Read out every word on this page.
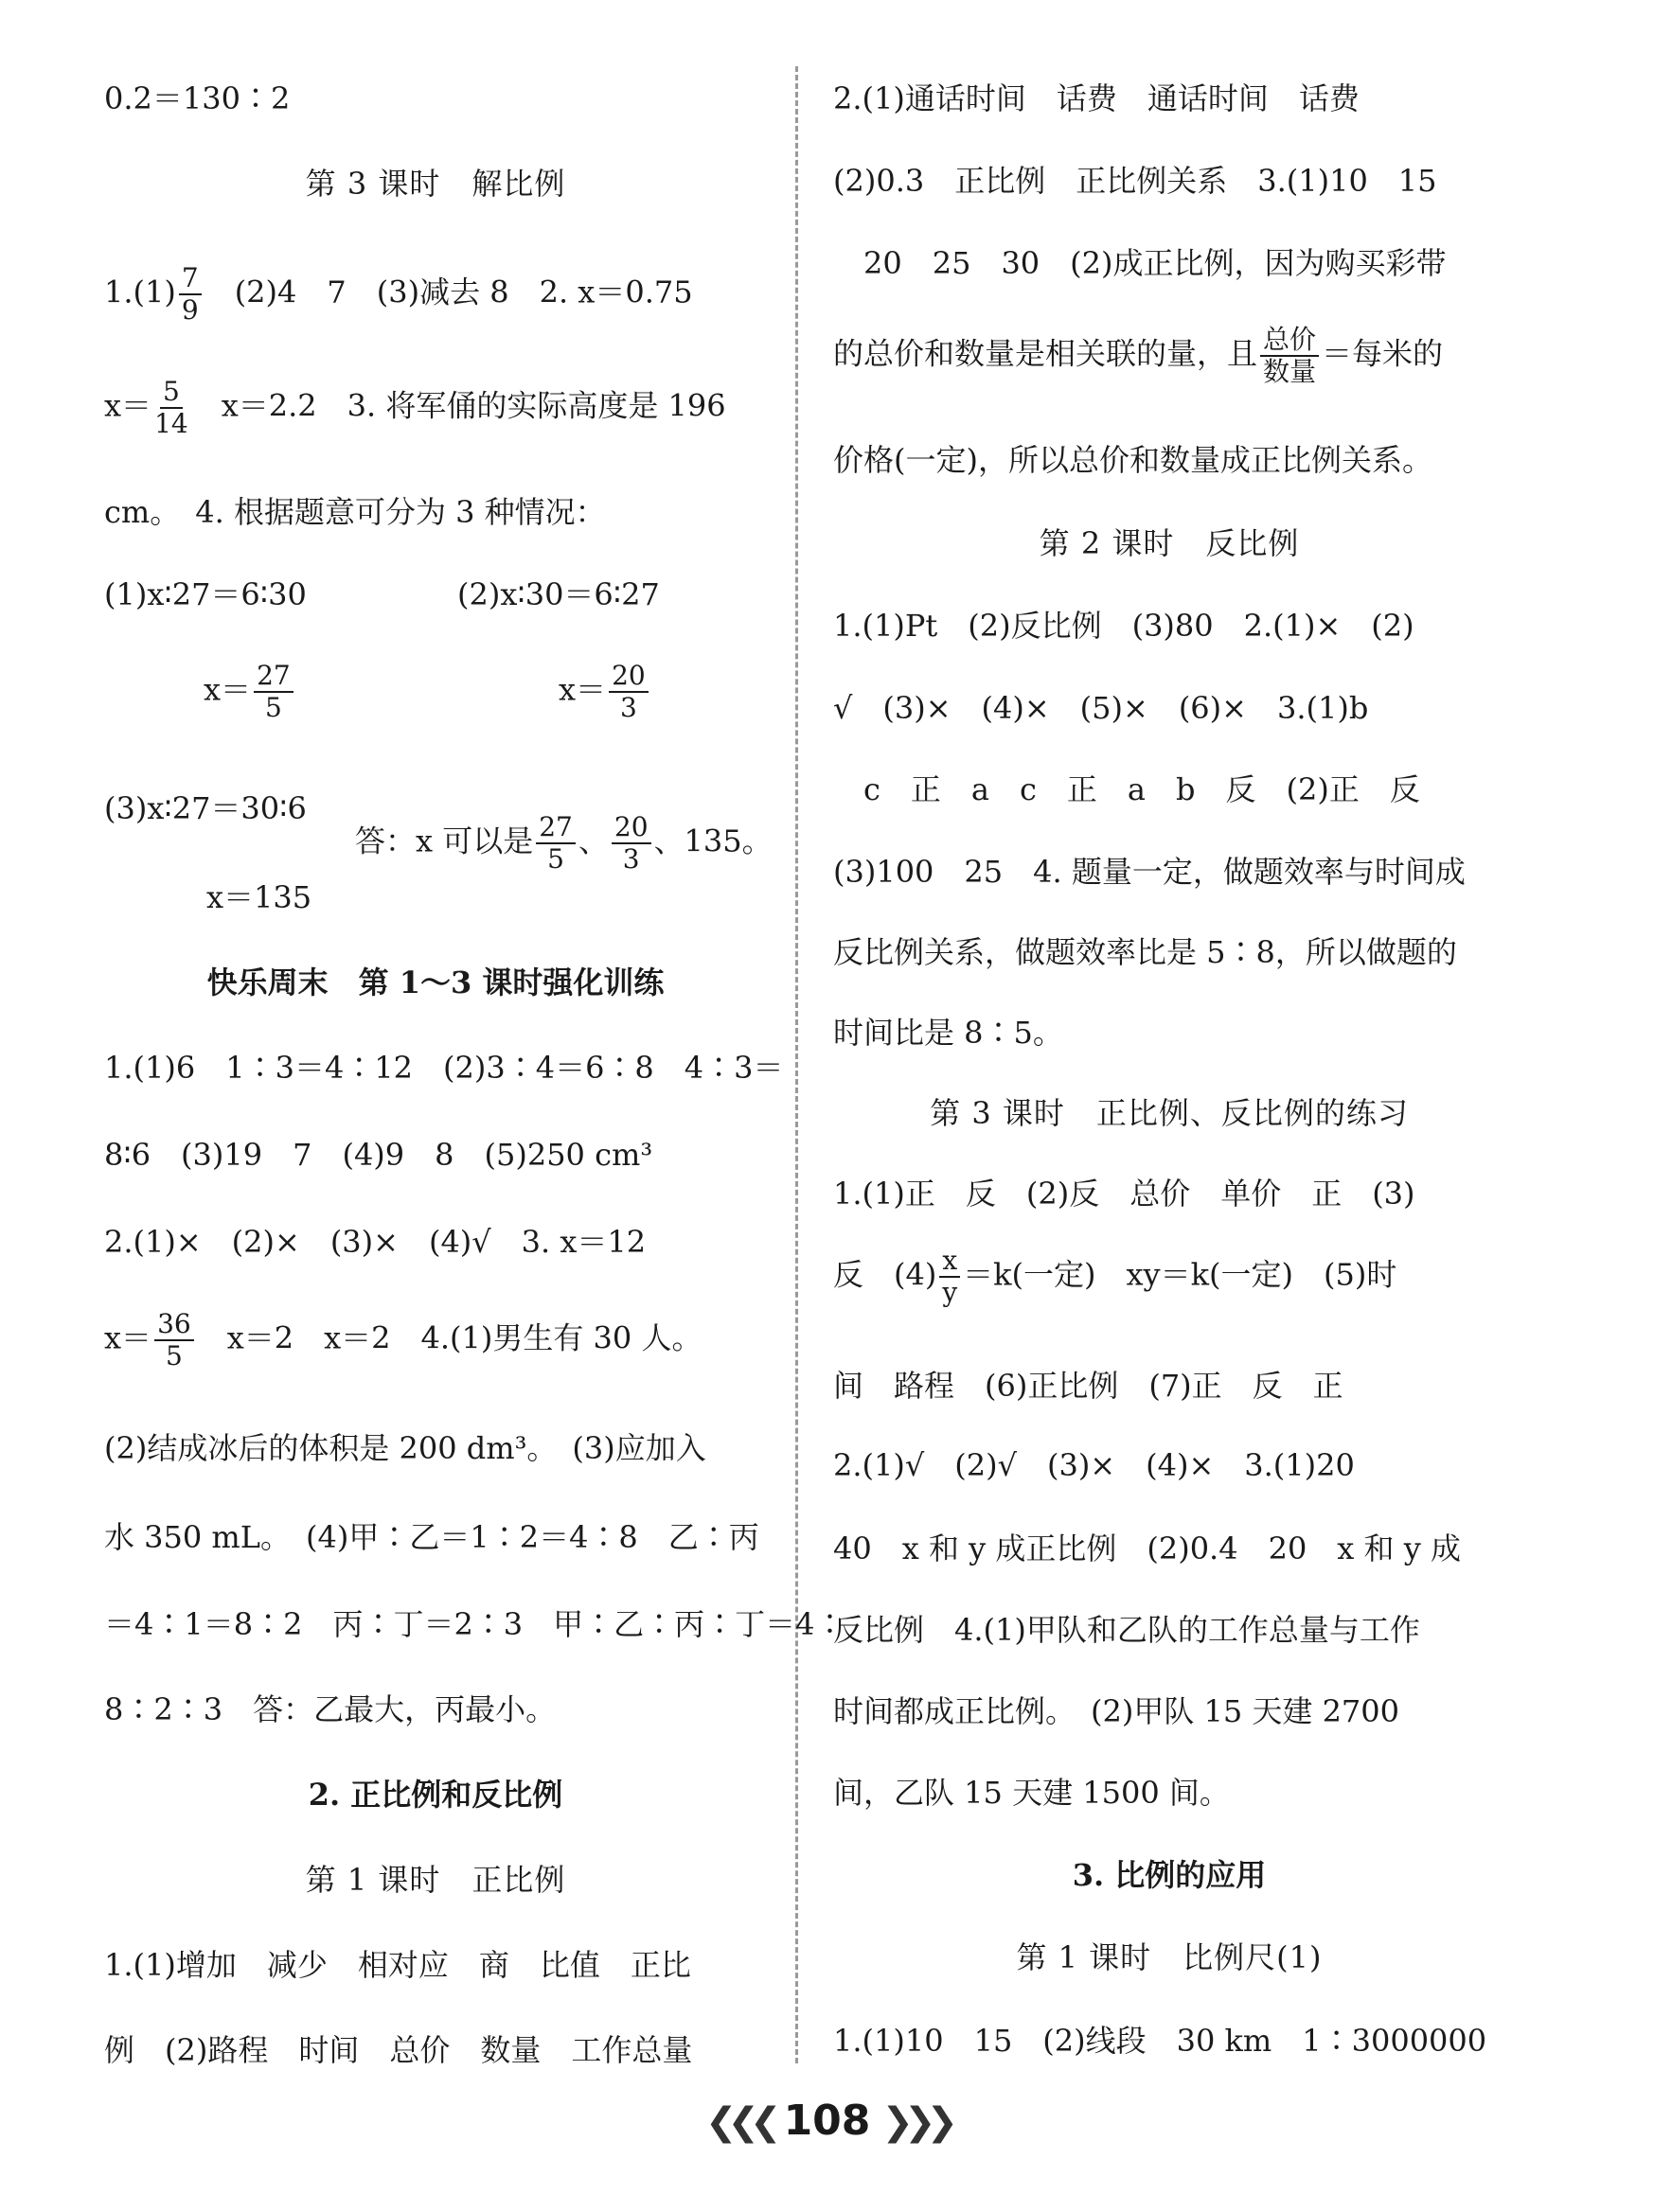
0.2＝130∶2
第 3 课时　解比例
$1.(1) \frac{7}{9}$ 　(2)4　7　(3)减去 8　2. x＝0.75
$x= \frac{5}{14}$ 　x＝2.2　3. 将军俑的实际高度是 196
cm。　4. 根据题意可分为 3 种情况：
(1)x∶27＝6∶30	(2)x∶30＝6∶27
$x= \frac{27}{5}$	$x= \frac{20}{3}$
(3)x∶27＝30∶6
答：x 可以是 $\frac{27}{5}$ 、 $\frac{20}{3}$ 、135。
x＝135
快乐周末　第 1～3 课时强化训练
1.(1)6　1∶3＝4∶12　(2)3∶4＝6∶8　4∶3＝
8∶6　(3)19　7　(4)9　8　(5)250 cm³
2.(1)×　(2)×　(3)×　(4)√　3. x＝12
$x= \frac{36}{5}$ 　x＝2　x＝2　4.(1)男生有 30 人。
(2)结成冰后的体积是 200 dm³。　(3)应加入
水 350 mL。　(4)甲∶乙＝1∶2＝4∶8　乙∶丙
＝4∶1＝8∶2　丙∶丁＝2∶3　甲∶乙∶丙∶丁＝4∶
8∶2∶3　答：乙最大，丙最小。
2. 正比例和反比例
第 1 课时　正比例
1.(1)增加　减少　相对应　商　比值　正比
例　(2)路程　时间　总价　数量　工作总量
2.(1)通话时间　话费　通话时间　话费
(2)0.3　正比例　正比例关系　3.(1)10　15
20　25　30　(2)成正比例，因为购买彩带
的总价和数量是相关联的量，且 $\frac{\text{总价}}{\text{数量}}$ ＝每米的
价格(一定)，所以总价和数量成正比例关系。
第 2 课时　反比例
1.(1)Pt　(2)反比例　(3)80　2.(1)×　(2)
√　(3)×　(4)×　(5)×　(6)×　3.(1)b
c　正　a　c　正　a　b　反　(2)正　反
(3)100　25　4. 题量一定，做题效率与时间成
反比例关系，做题效率比是 5∶8，所以做题的
时间比是 8∶5。
第 3 课时　正比例、反比例的练习
1.(1)正　反　(2)反　总价　单价　正　(3)
反　$(4) \frac{x}{y} =k$(一定)　xy＝k(一定)　(5)时
间　路程　(6)正比例　(7)正　反　正
2.(1)√　(2)√　(3)×　(4)×　3.(1)20
40　x 和 y 成正比例　(2)0.4　20　x 和 y 成
反比例　4.(1)甲队和乙队的工作总量与工作
时间都成正比例。　(2)甲队 15 天建 2700
间，乙队 15 天建 1500 间。
3. 比例的应用
第 1 课时　比例尺(1)
1.(1)10　15　(2)线段　30 km　1∶3000000
❮❮❮ 108 ❯❯❯
